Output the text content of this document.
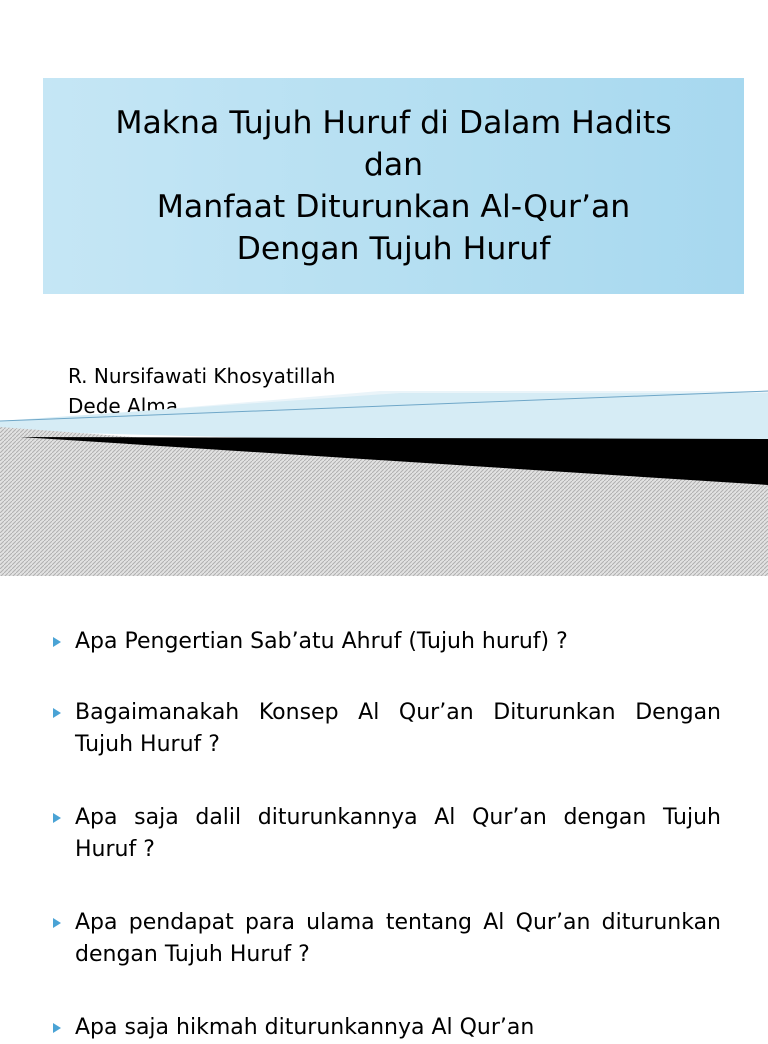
Makna Tujuh Huruf di Dalam Hadits
dan
Manfaat Diturunkan Al-Qur’an
Dengan Tujuh Huruf
R. Nursifawati Khosyatillah
Dede Alma
Apa Pengertian Sab’atu Ahruf (Tujuh huruf) ?
Bagaimanakah Konsep Al Qur’an Diturunkan Dengan Tujuh Huruf ?
Apa saja dalil diturunkannya Al Qur’an dengan Tujuh Huruf ?
Apa pendapat para ulama tentang Al Qur’an diturunkan dengan Tujuh Huruf ?
Apa saja hikmah diturunkannya Al Qur’an
